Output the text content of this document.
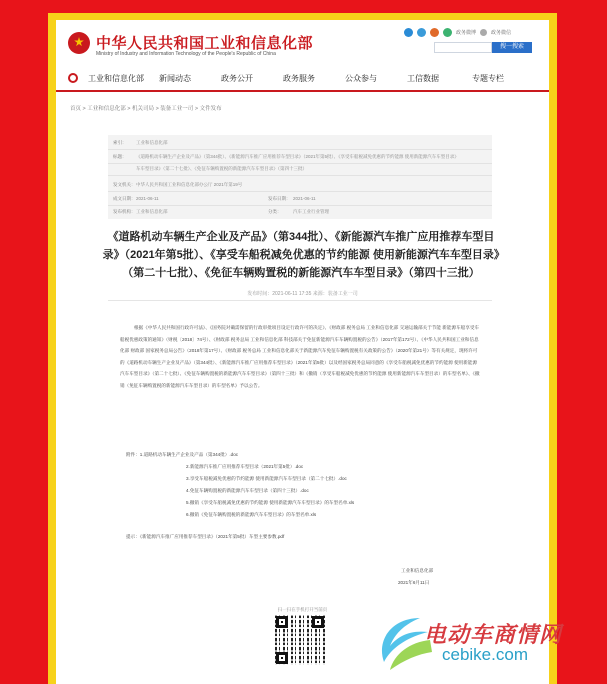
中华人民共和国工业和信息化部
Ministry of Industry and Information Technology of the People's Republic of China
政务微博	政务微信
搜一搜索
工业和信息化部 新闻动态	政务公开	政务服务	公众参与	工信数据	专题专栏
首页 > 工业和信息化部 > 机关司局 > 装备工业一司 > 文件发布
索引： 工业和信息化部
标题： 《道路机动车辆生产企业及产品》（第344批）、《新能源汽车推广应用推荐车型目录》（2021年第5批）、《享受车船税减免优惠的节约能源 使用新能源汽车车型目录》
车车型目录》（第二十七批）、《免征车辆购置税的新能源汽车车型目录》（第四十三批）
发文机关： 中华人民共和国工业和信息化部办公厅 2021年第19号
成文日期： 2021-06-11	发布日期： 2021-06-11
发布机构： 工业和信息化部	分类：	汽车工业行业管理
《道路机动车辆生产企业及产品》（第344批）、《新能源汽车推广应用推荐车型目录》（2021年第5批）、《享受车船税减免优惠的节约能源 使用新能源汽车车型目录》（第二十七批）、《免征车辆购置税的新能源汽车车型目录》（第四十三批）
发布时间：2021-06-11 17:35 来源：装备工业一司
根据《中华人民共和国行政许可法》、《国务院对确需保留的行政审批项目设定行政许可的决定》、《财政部 税务总局 工业和信息化部 交通运输部关于节能 新能源车船享受车船税优惠政策的通知》（财税〔2018〕74号）、《财政部 税务总局 工业和信息化部 科技部关于免征新能源汽车车辆购置税的公告》（2017年第172号）、《中华人民共和国工业和信息化部 财政部 国家税务总局公告》（2018年第17号）、《财政部 税务总局 工业和信息化部关于新能源汽车免征车辆购置税有关政策的公告》（2020年第21号）等有关规定，现将许可的《道路机动车辆生产企业及产品》（第344批）、《新能源汽车推广应用推荐车型目录》（2021年第5批）以及经国家税务总局同意的《享受车船税减免优惠的节约能源 使用新能源汽车车型目录》（第二十七批）、《免征车辆购置税的新能源汽车车型目录》（第四十三批）和《撤销（享受车船税减免优惠的节约能源 使用新能源汽车车型目录）的车型名单》、《撤销（免征车辆购置税的新能源汽车车型目录）的车型名单》予以公告。
附件：1.道路机动车辆生产企业及产品（第344批）.doc
2.新能源汽车推广应用推荐车型目录（2021年第5批）.doc
3.享受车船税减免优惠的节约能源 使用新能源汽车车型目录（第二十七批）.doc
4.免征车辆购置税的新能源汽车车型目录（第四十三批）.doc
5.撤销《享受车船税减免优惠的节约能源 使用新能源汽车车型目录》的车型名单.xls
6.撤销《免征车辆购置税的新能源汽车车型目录》的车型名单.xls
提示：《新能源汽车推广应用推荐车型目录》（2021年第5批）车型主要参数.pdf
工业和信息化部
2021年6月11日
扫一扫在手机打开当前页
电动车商情网
cebike.com
